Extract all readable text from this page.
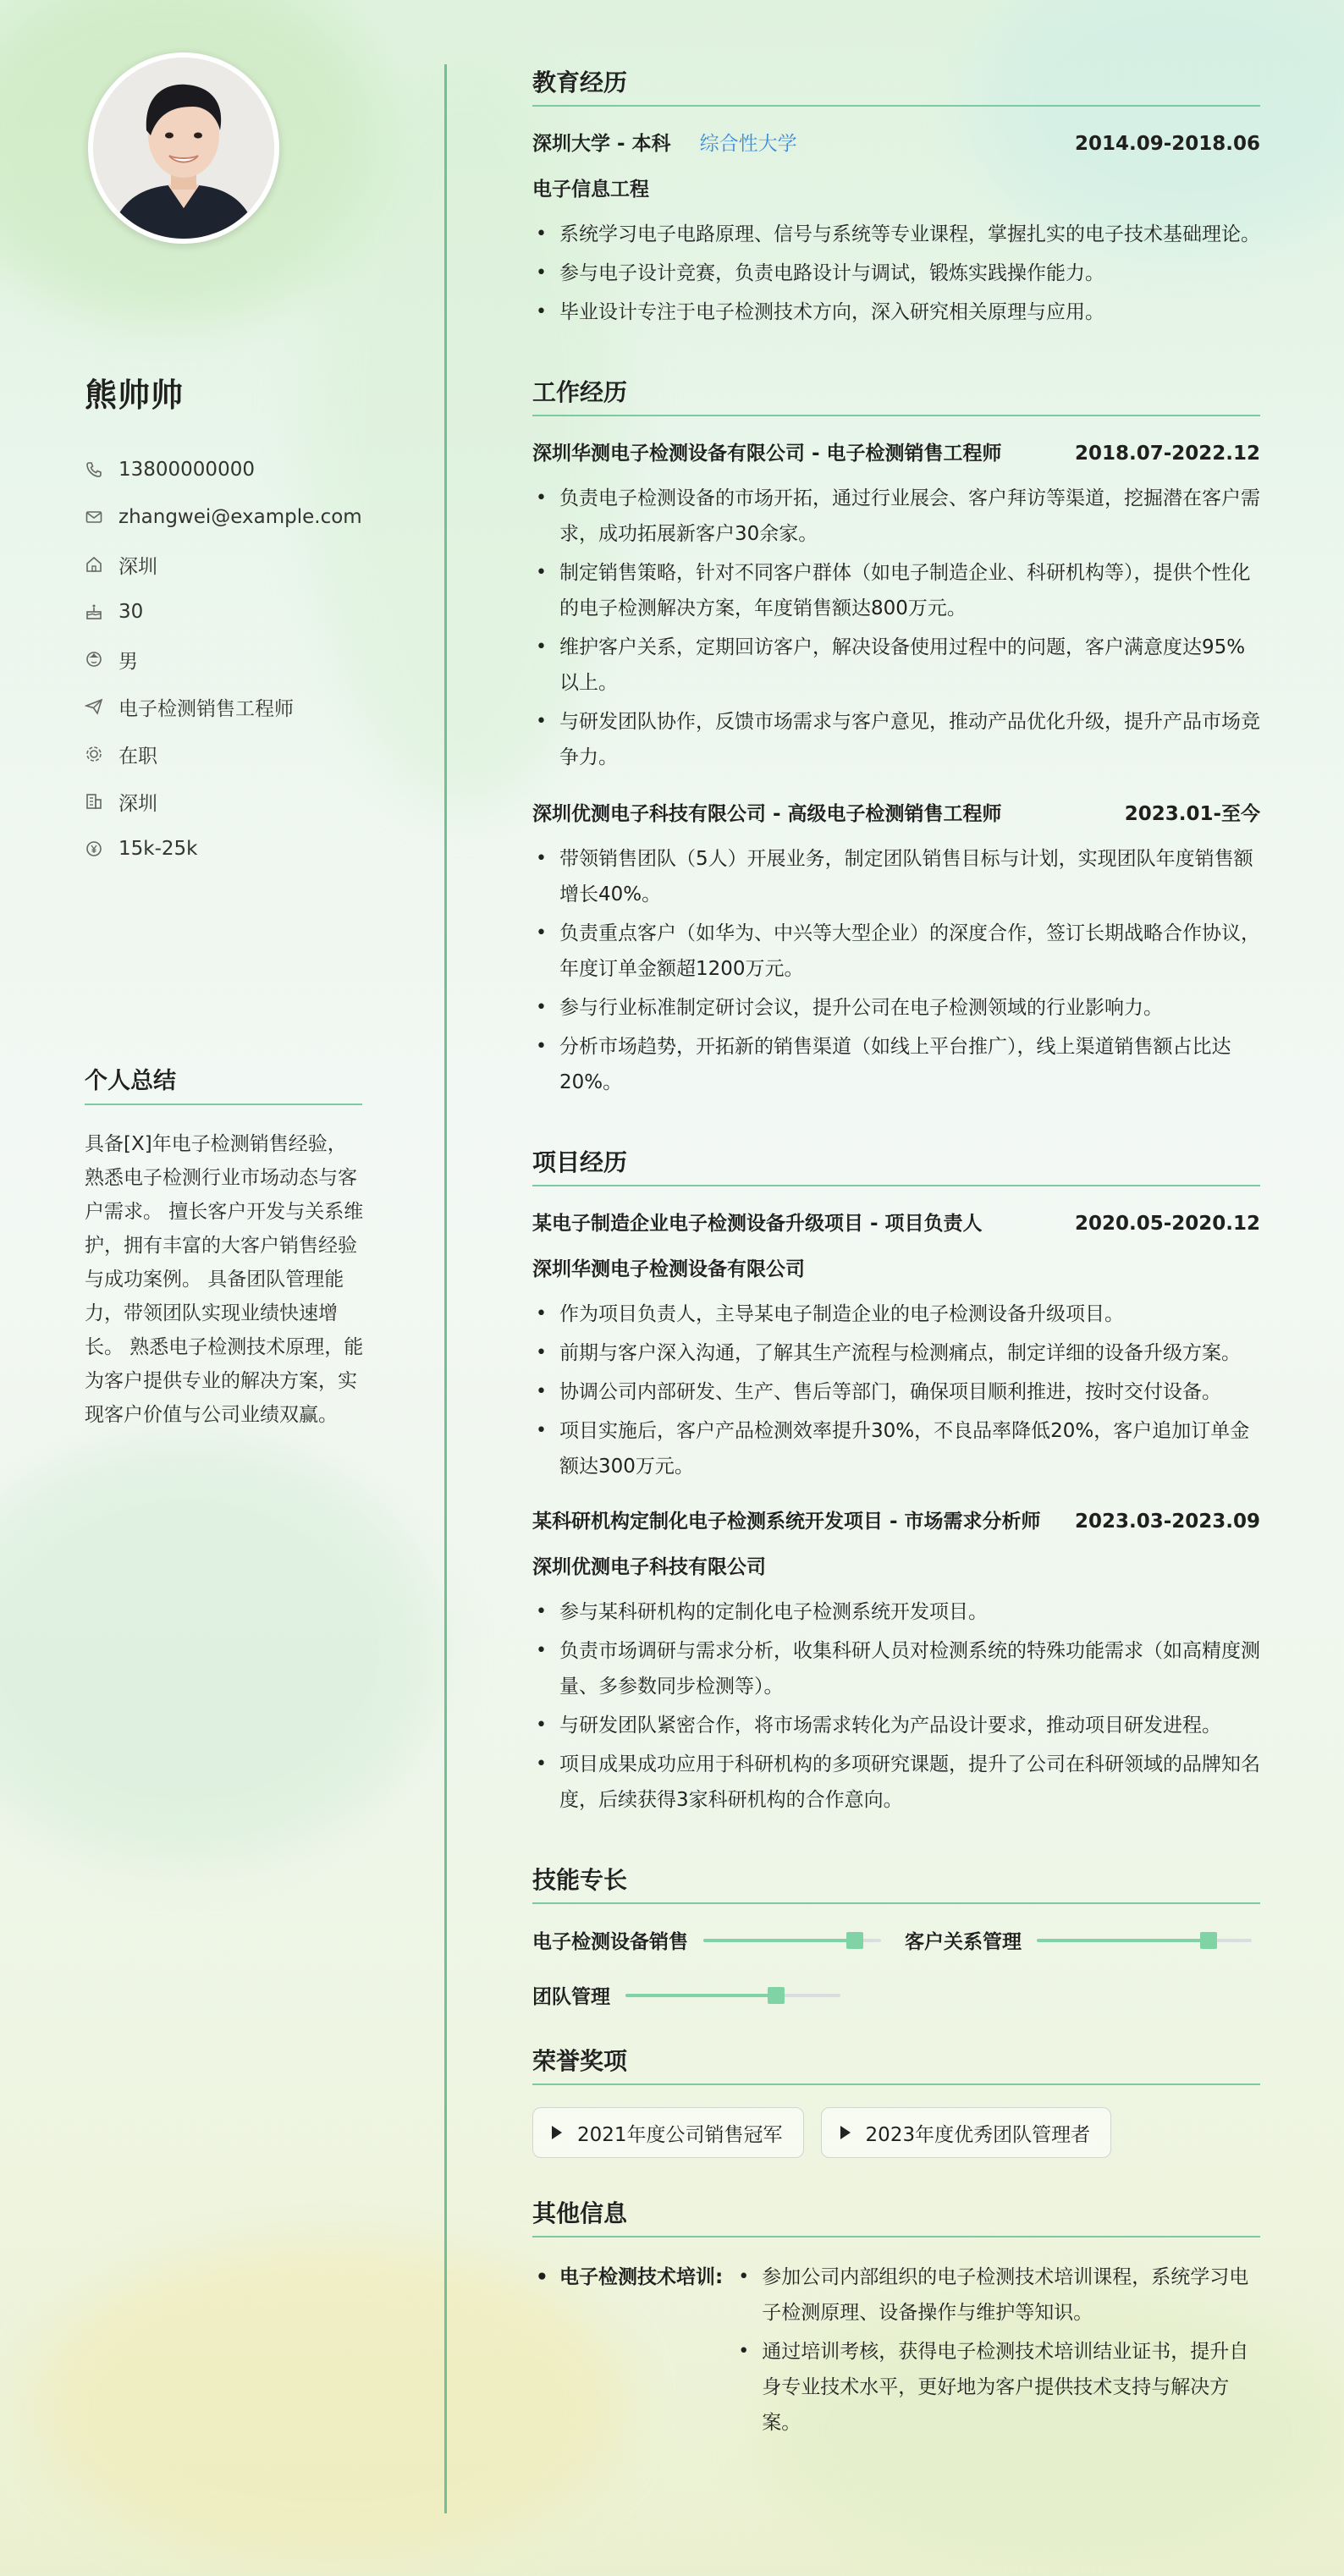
熊帅帅
13800000000
zhangwei@example.com
深圳
30
男
电子检测销售工程师
在职
深圳
15k-25k
个人总结
具备[X]年电子检测销售经验，熟悉电子检测行业市场动态与客户需求。 擅长客户开发与关系维护，拥有丰富的大客户销售经验与成功案例。 具备团队管理能力，带领团队实现业绩快速增长。 熟悉电子检测技术原理，能为客户提供专业的解决方案，实现客户价值与公司业绩双赢。
教育经历
深圳大学 - 本科 综合性大学	2014.09-2018.06
电子信息工程
• 系统学习电子电路原理、信号与系统等专业课程，掌握扎实的电子技术基础理论。
• 参与电子设计竞赛，负责电路设计与调试，锻炼实践操作能力。
• 毕业设计专注于电子检测技术方向，深入研究相关原理与应用。
工作经历
深圳华测电子检测设备有限公司 - 电子检测销售工程师	2018.07-2022.12
• 负责电子检测设备的市场开拓，通过行业展会、客户拜访等渠道，挖掘潜在客户需求，成功拓展新客户30余家。
• 制定销售策略，针对不同客户群体（如电子制造企业、科研机构等），提供个性化的电子检测解决方案，年度销售额达800万元。
• 维护客户关系，定期回访客户，解决设备使用过程中的问题，客户满意度达95%以上。
• 与研发团队协作，反馈市场需求与客户意见，推动产品优化升级，提升产品市场竞争力。
深圳优测电子科技有限公司 - 高级电子检测销售工程师	2023.01-至今
• 带领销售团队（5人）开展业务，制定团队销售目标与计划，实现团队年度销售额增长40%。
• 负责重点客户（如华为、中兴等大型企业）的深度合作，签订长期战略合作协议，年度订单金额超1200万元。
• 参与行业标准制定研讨会议，提升公司在电子检测领域的行业影响力。
• 分析市场趋势，开拓新的销售渠道（如线上平台推广），线上渠道销售额占比达20%。
项目经历
某电子制造企业电子检测设备升级项目 - 项目负责人	2020.05-2020.12
深圳华测电子检测设备有限公司
• 作为项目负责人，主导某电子制造企业的电子检测设备升级项目。
• 前期与客户深入沟通，了解其生产流程与检测痛点，制定详细的设备升级方案。
• 协调公司内部研发、生产、售后等部门，确保项目顺利推进，按时交付设备。
• 项目实施后，客户产品检测效率提升30%，不良品率降低20%，客户追加订单金额达300万元。
某科研机构定制化电子检测系统开发项目 - 市场需求分析师 2023.03-2023.09
深圳优测电子科技有限公司
• 参与某科研机构的定制化电子检测系统开发项目。
• 负责市场调研与需求分析，收集科研人员对检测系统的特殊功能需求（如高精度测量、多参数同步检测等）。
• 与研发团队紧密合作，将市场需求转化为产品设计要求，推动项目研发进程。
• 项目成果成功应用于科研机构的多项研究课题，提升了公司在科研领域的品牌知名度，后续获得3家科研机构的合作意向。
技能专长
电子检测设备销售	客户关系管理
团队管理
荣誉奖项
2021年度公司销售冠军	2023年度优秀团队管理者
其他信息
• 电子检测技术培训:
•	参加公司内部组织的电子检测技术培训课程，系统学习电子检测原理、设备操作与维护等知识。
• 通过培训考核，获得电子检测技术培训结业证书，提升自身专业技术水平，更好地为客户提供技术支持与解决方案。
